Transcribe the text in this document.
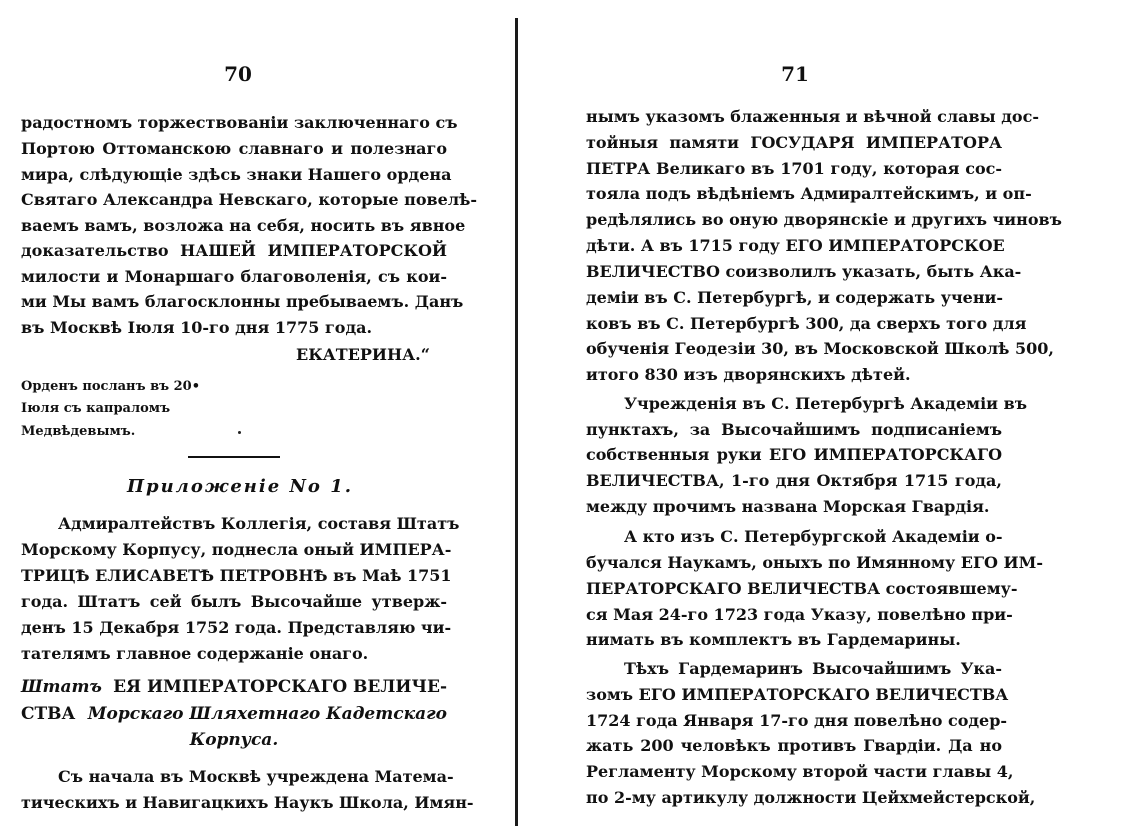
70
радостномъ торжествованіи заключеннаго съ
Портою Оттоманскою славнаго и полезнаго
мира, слѣдующіе здѣсь знаки Нашего ордена
Святаго Александра Невскаго, которые повелѣ-
ваемъ вамъ, возложа на себя, носить въ явное
доказательство НАШЕЙ ИМПЕРАТОРСКОЙ
милости и Монаршаго благоволенія, съ кои-
ми Мы вамъ благосклонны пребываемъ. Данъ
въ Москвѣ Іюля 10-го дня 1775 года.
ЕКАТЕРИНА.“
Орденъ посланъ въ 20•
Іюля съ капраломъ
Медвѣдевымъ.
Приложеніе No 1.
Адмиралтействъ Коллегія, составя Штатъ
Морскому Корпусу, поднесла оный ИМПЕРА-
ТРИЦѢ ЕЛИСАВЕТѢ ПЕТРОВНѢ въ Маѣ 1751
года. Штатъ сей былъ Высочайше утверж-
денъ 15 Декабря 1752 года. Представляю чи-
тателямъ главное содержаніе онаго.
Штатъ ЕЯ ИМПЕРАТОРСКАГО ВЕЛИЧЕ-
СТВА Морскаго Шляхетнаго Кадетскаго
Корпуса.
Съ начала въ Москвѣ учреждена Матема-
тическихъ и Навигацкихъ Наукъ Школа, Имян-
71
нымъ указомъ блаженныя и вѣчной славы дос-
тойныя памяти ГОСУДАРЯ ИМПЕРАТОРА
ПЕТРА Великаго въ 1701 году, которая сос-
тояла подъ вѣдѣніемъ Адмиралтейскимъ, и оп-
редѣлялись во оную дворянскіе и другихъ чиновъ
дѣти. А въ 1715 году ЕГО ИМПЕРАТОРСКОЕ
ВЕЛИЧЕСТВО соизволилъ указать, быть Ака-
деміи въ С. Петербургѣ, и содержать учени-
ковъ въ С. Петербургѣ 300, да сверхъ того для
обученія Геодезіи 30, въ Московской Школѣ 500,
итого 830 изъ дворянскихъ дѣтей.
Учрежденія въ С. Петербургѣ Академіи въ
пунктахъ, за Высочайшимъ подписаніемъ
собственныя руки ЕГО ИМПЕРАТОРСКАГО
ВЕЛИЧЕСТВА, 1-го дня Октября 1715 года,
между прочимъ названа Морская Гвардія.
А кто изъ С. Петербургской Академіи о-
бучался Наукамъ, оныхъ по Имянному ЕГО ИМ-
ПЕРАТОРСКАГО ВЕЛИЧЕСТВА состоявшему-
ся Мая 24-го 1723 года Указу, повелѣно при-
нимать въ комплектъ въ Гардемарины.
Тѣхъ Гардемаринъ Высочайшимъ Ука-
зомъ ЕГО ИМПЕРАТОРСКАГО ВЕЛИЧЕСТВА
1724 года Января 17-го дня повелѣно содер-
жать 200 человѣкъ противъ Гвардіи. Да но
Регламенту Морскому второй части главы 4,
по 2-му артикулу должности Цейхмейстерской,
